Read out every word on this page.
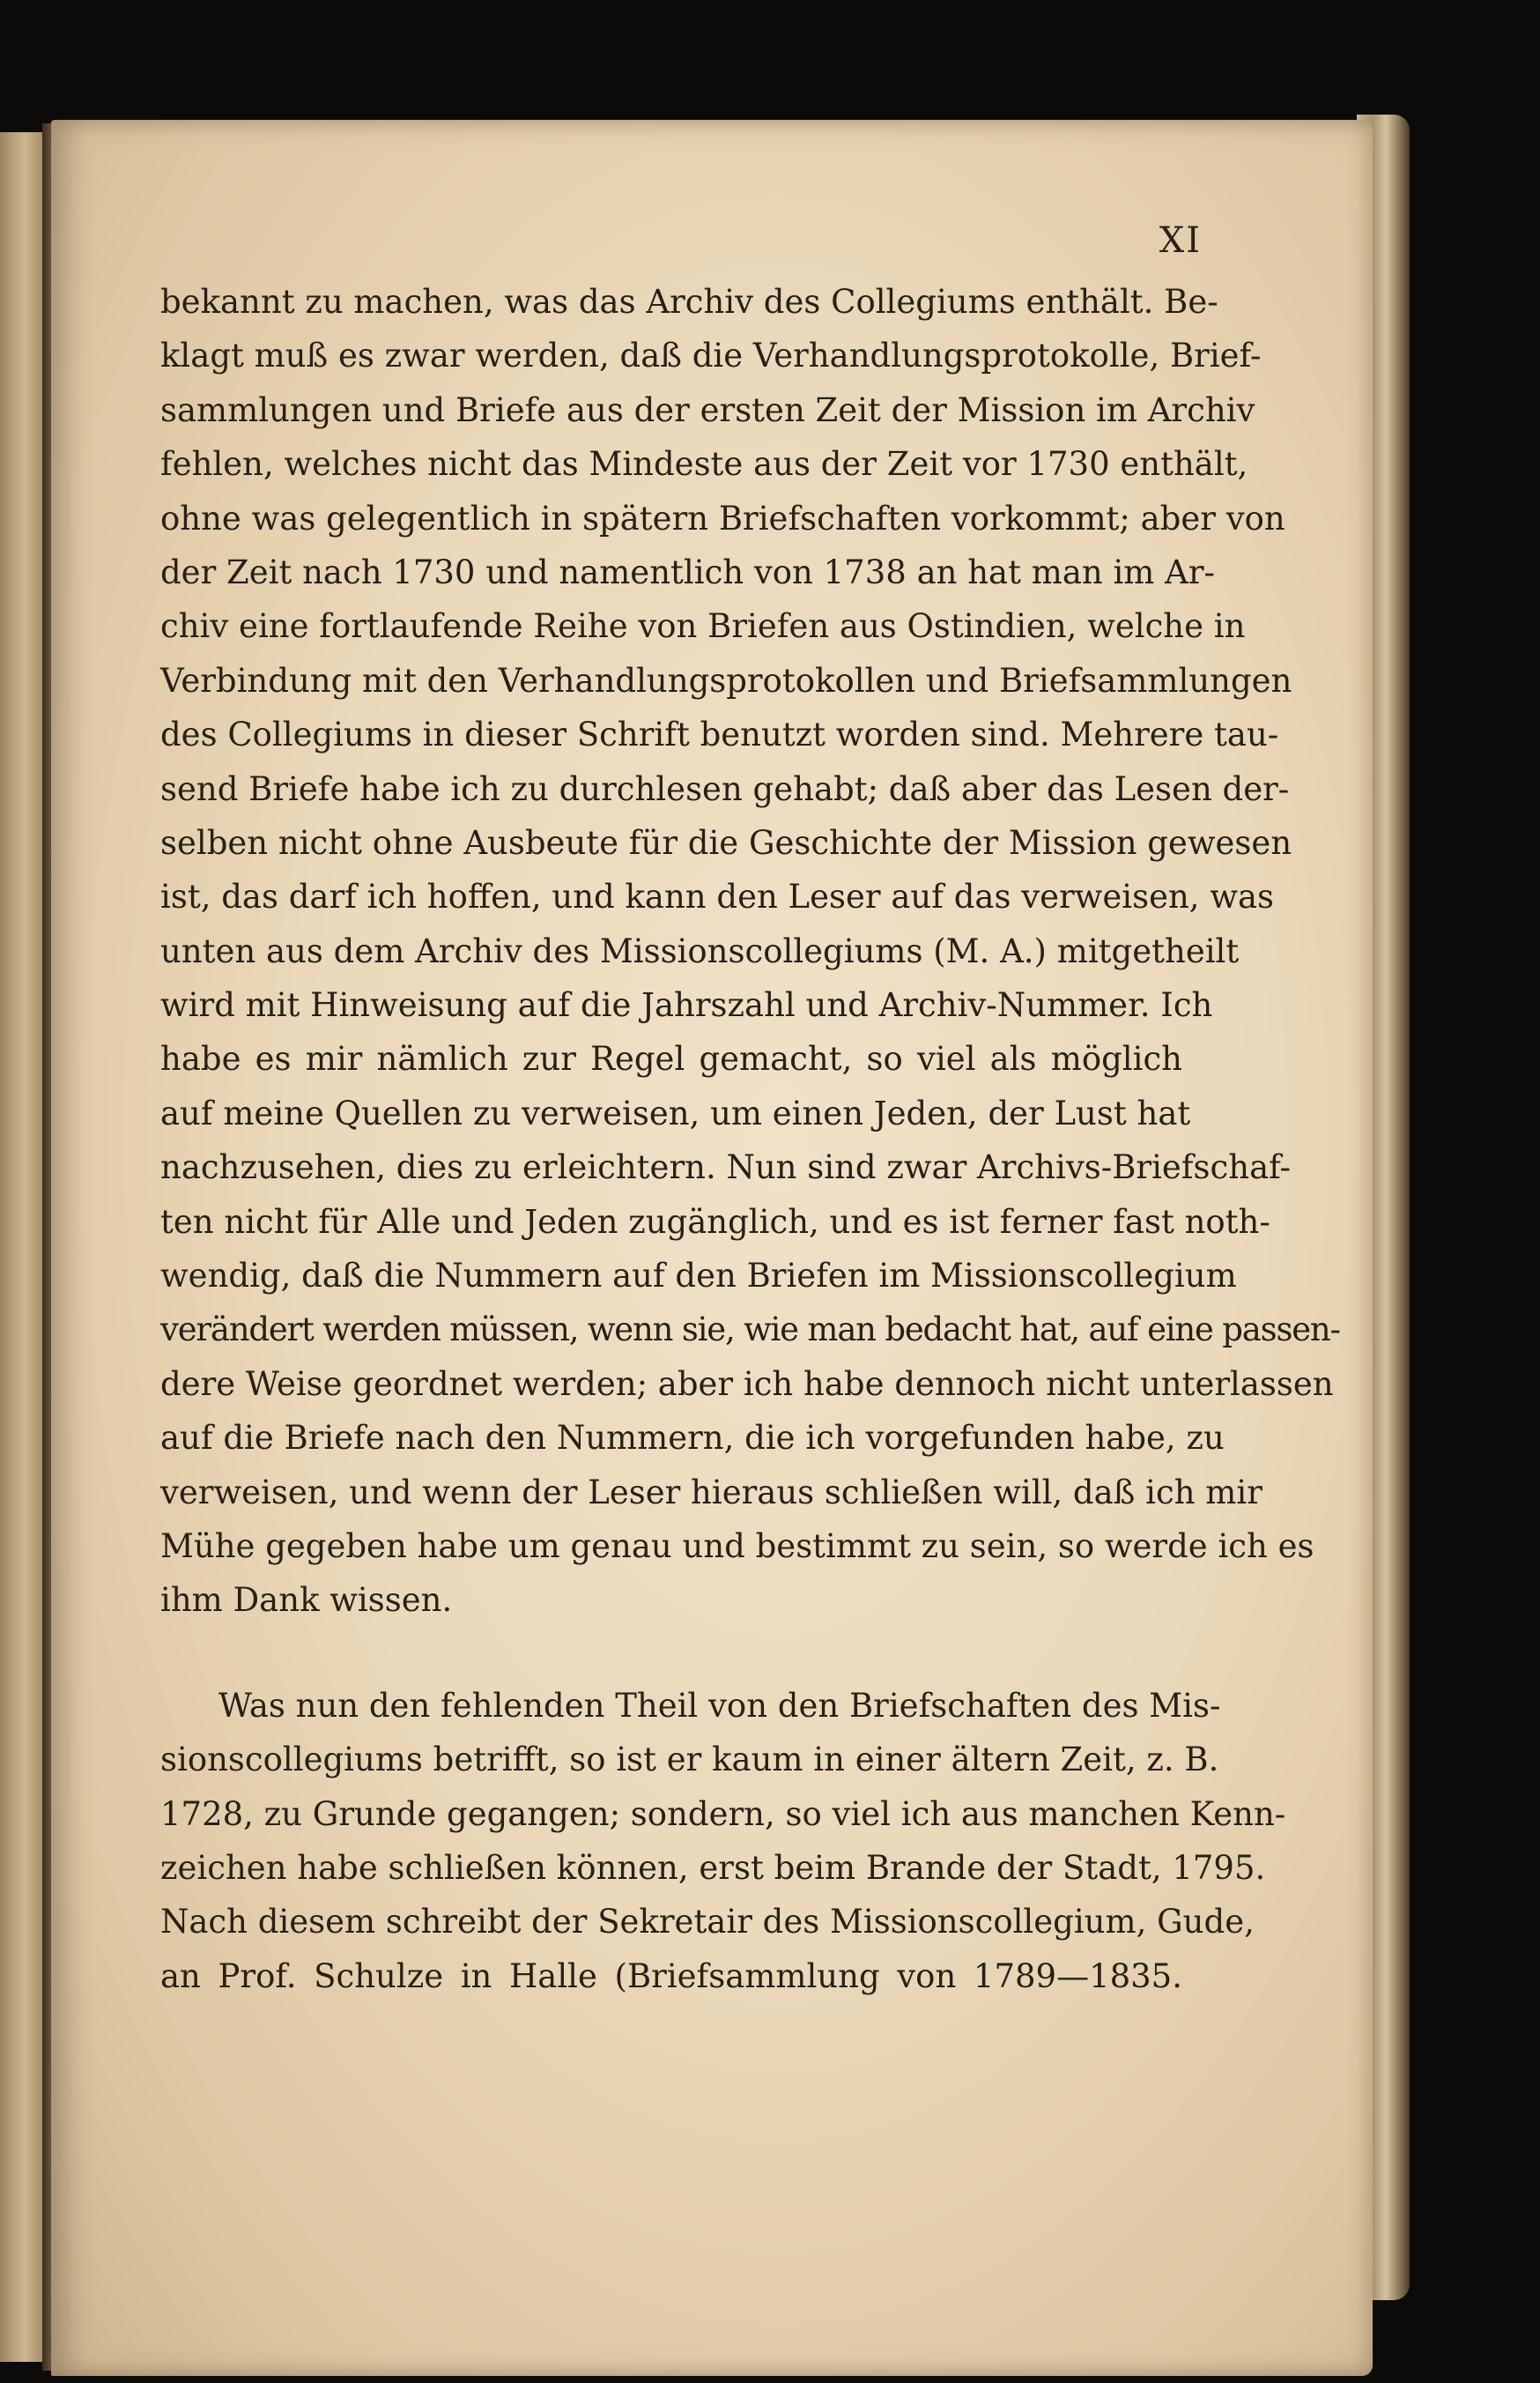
XI
bekannt zu machen, was das Archiv des Collegiums enthält. Be-
klagt muß es zwar werden, daß die Verhandlungsprotokolle, Brief-
sammlungen und Briefe aus der ersten Zeit der Mission im Archiv
fehlen, welches nicht das Mindeste aus der Zeit vor 1730 enthält,
ohne was gelegentlich in spätern Briefschaften vorkommt; aber von
der Zeit nach 1730 und namentlich von 1738 an hat man im Ar-
chiv eine fortlaufende Reihe von Briefen aus Ostindien, welche in
Verbindung mit den Verhandlungsprotokollen und Briefsammlungen
des Collegiums in dieser Schrift benutzt worden sind. Mehrere tau-
send Briefe habe ich zu durchlesen gehabt; daß aber das Lesen der-
selben nicht ohne Ausbeute für die Geschichte der Mission gewesen
ist, das darf ich hoffen, und kann den Leser auf das verweisen, was
unten aus dem Archiv des Missionscollegiums (M. A.) mitgetheilt
wird mit Hinweisung auf die Jahrszahl und Archiv-Nummer. Ich
habe es mir nämlich zur Regel gemacht, so viel als möglich
auf meine Quellen zu verweisen, um einen Jeden, der Lust hat
nachzusehen, dies zu erleichtern. Nun sind zwar Archivs-Briefschaf-
ten nicht für Alle und Jeden zugänglich, und es ist ferner fast noth-
wendig, daß die Nummern auf den Briefen im Missionscollegium
verändert werden müssen, wenn sie, wie man bedacht hat, auf eine passen-
dere Weise geordnet werden; aber ich habe dennoch nicht unterlassen
auf die Briefe nach den Nummern, die ich vorgefunden habe, zu
verweisen, und wenn der Leser hieraus schließen will, daß ich mir
Mühe gegeben habe um genau und bestimmt zu sein, so werde ich es
ihm Dank wissen.
Was nun den fehlenden Theil von den Briefschaften des Mis-
sionscollegiums betrifft, so ist er kaum in einer ältern Zeit, z. B.
1728, zu Grunde gegangen; sondern, so viel ich aus manchen Kenn-
zeichen habe schließen können, erst beim Brande der Stadt, 1795.
Nach diesem schreibt der Sekretair des Missionscollegium, Gude,
an Prof. Schulze in Halle (Briefsammlung von 1789—1835.
